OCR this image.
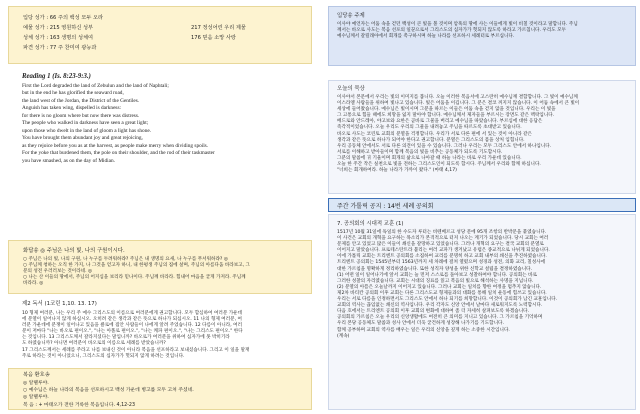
입당 성가 : 66 주의 백성 모두 오라
예물 성가 : 215 영원하신 성부	217 정성어린 우리 제물
성체 성가 : 163 생명의 성체여	176 믿음 소망 사랑
파견 성가 : 77 주 찬미여 광능과
Reading 1 (Is. 8:23-9:3.)
First the Lord degraded the land of Zebulun and the land of Naphtali;
but in the end he has glorified the seaward road,
the land west of the Jordan, the District of the Gentiles.
Anguish has taken wing, dispelled is darkness:
for there is no gloom where but now there was distress.
The people who walked in darkness have seen a great light;
upon those who dwelt in the land of gloom a light has shone.
You have brought them abundant joy and great rejoicing,
as they rejoice before you as at the harvest, as people make merry when dividing spoils.
For the yoke that burdened them, the pole on their shoulder, and the rod of their taskmaster
you have smashed, as on the day of Midian.
화답송 ◎ 주님은 나의 빛, 나의 구원이시다.
○ 주님은 나의 빛, 나의 구원, 나 누구를 두려워하랴? 주님은 내 생명의 요새, 나 누구를 무서워하랴? ◎
○ 주님께 청하는 오직 한 가지, 나 그것을 얻고자 하니, 내 한평생 주님의 집에 살며, 주님의 아름다움 바라보고, 그
분의 성전 우러러보는 것이라네. ◎
○ 나는 산 이들의 땅에서, 주님의 어지심을 보리라 믿나이다. 주님께 바라라. 힘내어 마음을 굳게 가져라. 주님께
바라라. ◎
제2 독서 (1코린 1,10. 13. 17)
10 형제 여러분, 나는 우리 주 예수 그리스도의 이름으로 여러분에게 권고합니다. 모두 합심하여 여러분 가운데
에 분열이 일어나지 않게 하십시오. 오히려 같은 생각과 같은 뜻으로 하나가 되십시오. 11 나의 형제 여러분, 여
러분 가운데에 분쟁이 일어나고 있음을 클로에 집안 사람들이 나에게 알려 주었습니다. 12 다름이 아니라, 여러
분이 저마다 "나는 바오로 편이오.", "나는 아폴로 편이오.", "나는 케파 편이오.", "나는 그리스도 편이오." 한다
는 것입니다. 13 그리스도께서 갈라지셨다는 말입니까? 바오로가 여러분을 위하여 십자가에 못 박히기라
도 하였습니까? 아니면 여러분이 바오로의 이름으로 세례를 받았습니까?
17 그리스도께서는 세례를 주라고 나를 보내신 것이 아니라 복음을 선포하라고 보내셨습니다. 그리고 이 일을 말재
주로 하라는 것이 아니었으니, 그리스도의 십자가가 헛되지 않게 하려는 것입니다.
복음 환호송
◎ 알렐루야.
○ 예수님은 하늘 나라의 복음을 선포하시고 백성 가운데 병고를 모두 고쳐 주셨네.
◎ 알렐루야.
복 음 : + 마태오가 전한 거룩한 복음입니다. 4,12-23
입당송 주제
이사야 예언자는 어둠 속을 걷던 백성이 큰 빛을 볼 것이며 암흑의 땅에 사는 이들에게 빛이 비칠 것이라고 말합니다. 주님
께서는 바오로 사도는 복음 선포의 일꾼으로서 그리스도의 십자가가 헛되지 않도록 하라고 가르칩니다. 우리도 모두
예수님께서 갈릴래아에서 회개를 촉구하시며 하늘 나라를 선포하시 세례터로 부르십니다.
오늘의 묵상
이사야서 본문에서 우리는 빛의 이미지를 봅니다. 오늘 이러한 복음서에 고스란히 예수님께 결합합니다. 그 빛이 예수님께
이스라엘 사람들을 위하여 빛나고 있습니다. 빛은 어둠을 이깁니다. 그 분은 결코 꺼지지 않습니다. 이 어둠 속에서 큰 빛이
세상에 들어왔습니다. 예수님은 빛이시며 그분을 따르는 이들은 어둠 속을 걷지 않을 것입니다. 우리는 이 빛을
그 고통으로 힘들 때에도 희망을 잃지 말아야 합니다. 예수님께서 제자들을 부르시는 장면도 같은 맥락입니다.
베드로와 안드레아, 야고보와 요한은 곧바로 그물을 버리고 예수님을 따랐습니다. 부르심에 대한 응답은
즉각적이었습니다. 오늘 우리도 우리의 그물을 내려놓고 주님을 따르도록 초대받고 있습니다.
바오로 사도는 코린토 교회의 분열을 걱정합니다. 우리가 서로 다른 편에 서 있는 것이 아니라 같은
생각과 같은 뜻으로 하나가 되어야 한다고 권고합니다. 분열은 그리스도의 몸을 상처 입힙니다.
우리 공동체 안에서도 서로 다른 의견이 있을 수 있습니다. 그러나 우리는 모두 그리스도 안에서 하나입니다.
서로를 이해하고 받아들이며 함께 복음의 빛을 비추는 공동체가 되도록 기도합시다.
그분의 말씀에 귀 기울이며 회개의 삶으로 나아갈 때 하늘 나라는 바로 우리 가운데 있습니다.
오늘 한 주간 작은 실천으로 빛을 전하는 그리스도인이 되도록 합시다. 주님께서 우리와 함께 하십니다.
"너희는 회개하여라. 하늘 나라가 가까이 왔다." (마태 4,17)
주간 가톨릭 공지 : 14번 세례 공의회
7. 공의회의 시대적 교훈 (1)
1517년 10월 31일에 독일의 한 수도자 루터는 비텐베르크 성당 문에 95개 조항의 반박문을 붙였습니다.
이 사건은 교회의 개혁을 요구하는 목소리가 본격적으로 터져 나오는 계기가 되었습니다. 당시 교회는 여러
문제를 안고 있었고 많은 이들이 쇄신을 갈망하고 있었습니다. 그러나 개혁의 요구는 결국 교회의 분열로
이어지고 말았습니다. 프로테스탄트라 불리는 여러 교파가 생겨났고 유럽은 종교적으로 나뉘게 되었습니다.
이에 가톨릭 교회는 트리엔트 공의회를 소집하여 교리를 분명히 하고 교회 내부의 쇄신을 추진하였습니다.
트리엔트 공의회는 1545년부터 1563년까지 세 차례에 걸쳐 열렸으며 성경과 성전, 의화 교리, 칠성사에
대한 가르침을 명확하게 정리하였습니다. 또한 성직자 양성을 위한 신학교 설립을 결정하였습니다.
(1) 어떤 일이 일어나기에 앞서 교회는 늘 먼저 스스로를 돌아보고 성찰하여야 합니다. 공의회는 바로
그러한 성찰의 자리였습니다. 교회는 시대의 징표를 읽고 복음의 빛으로 해석하는 사명을 지닙니다.
(2) 분열의 아픔은 오늘날까지 이어지고 있습니다. 그러나 교회는 일치를 향한 여정을 멈추지 않습니다.
제2차 바티칸 공의회 이후 교회는 다른 그리스도교 형제들과의 대화를 통해 일치 운동에 힘쓰고 있습니다.
우리는 서로 다름을 인정하면서도 그리스도 안에서 하나 되기를 희망합니다. 이것이 공의회가 남긴 교훈입니다.
교회의 역사는 끊임없는 쇄신의 역사입니다. 우리 각자도 신앙 안에서 날마다 새로워지도록 노력합시다.
다음 호에서는 트리엔트 공의회 이후 교회의 변화에 대하여 좀 더 자세히 살펴보도록 하겠습니다.
공의회의 가르침은 오늘 우리의 신앙생활에도 여전히 큰 의미를 지니고 있습니다. 그 가르침을 기억하며
우리 본당 공동체도 말씀과 성사 안에서 더욱 굳건하게 성장해 나가기를 기도합니다.
함께 공부하며 교회의 역사를 배우는 일은 우리의 신앙을 깊게 하는 소중한 시간입니다.
(계속)
